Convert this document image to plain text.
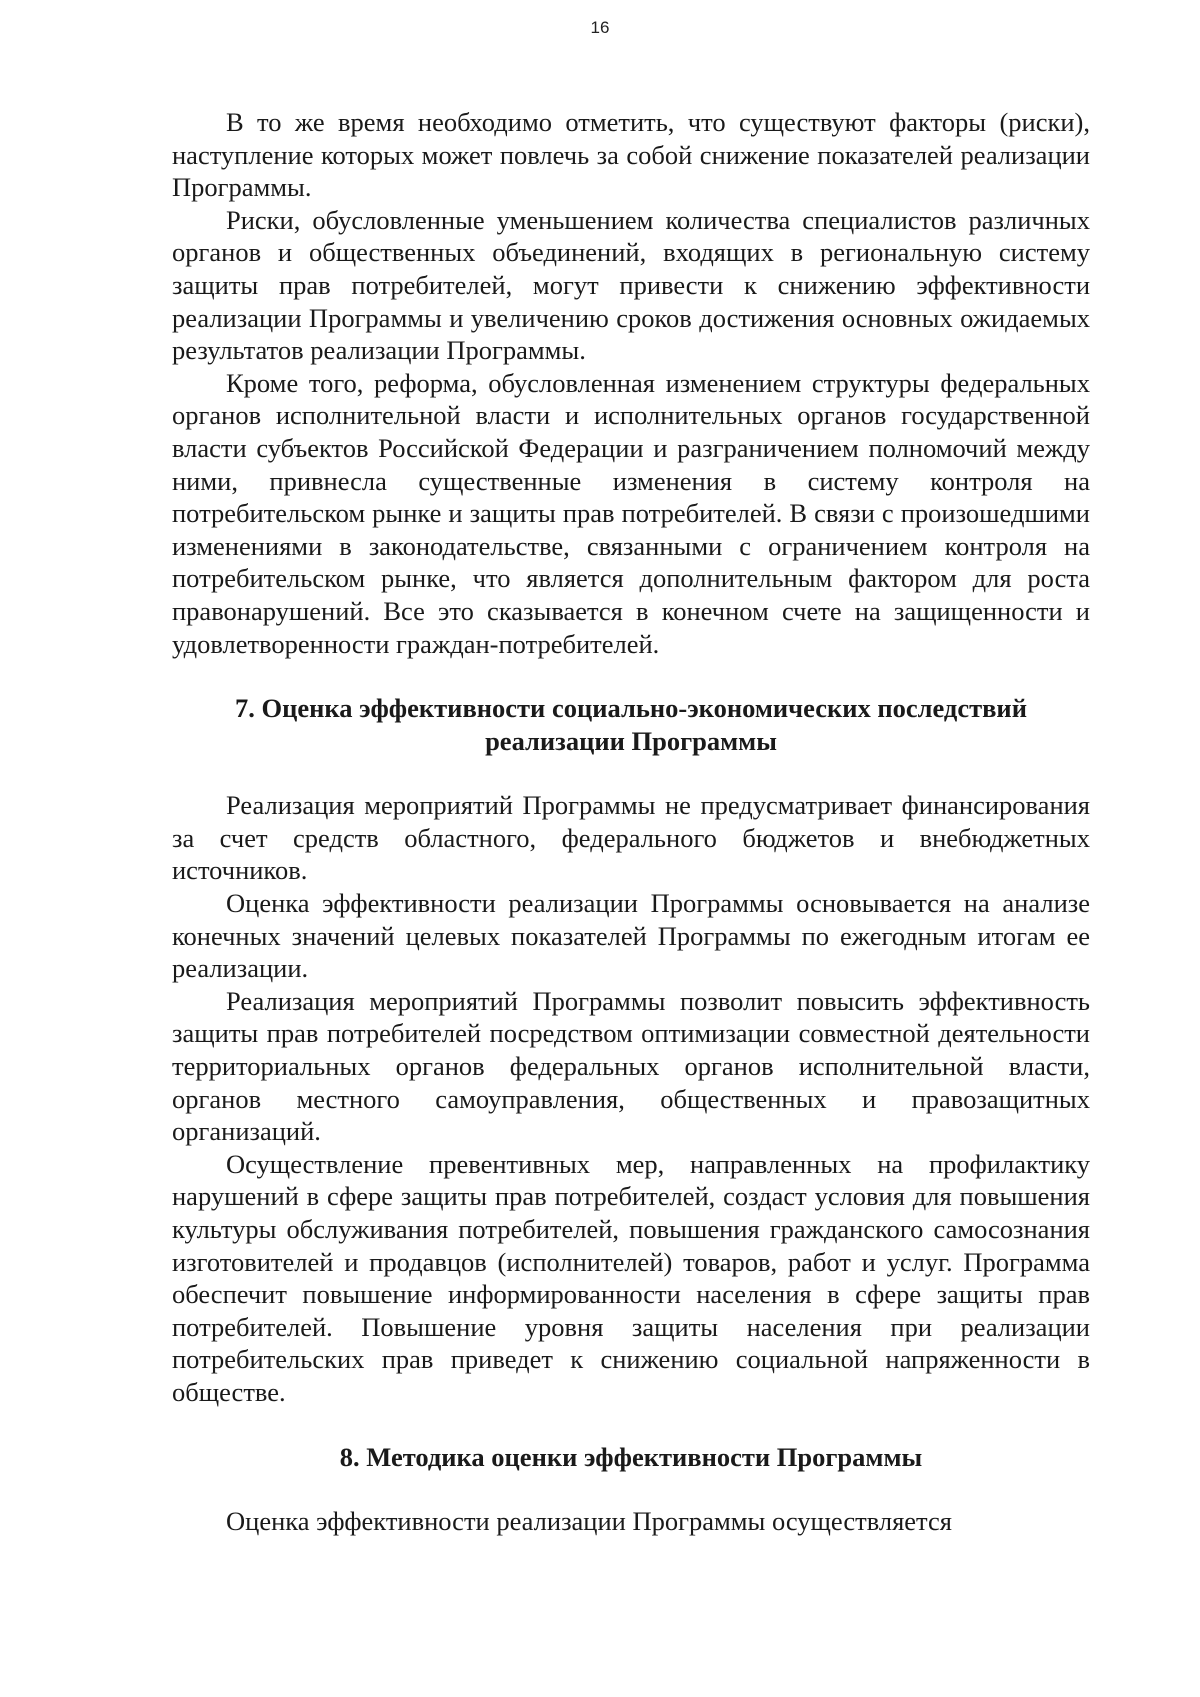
16

В то же время необходимо отметить, что существуют факторы (риски), наступление которых может повлечь за собой снижение показателей реализации Программы.

Риски, обусловленные уменьшением количества специалистов различных органов и общественных объединений, входящих в региональную систему защиты прав потребителей, могут привести к снижению эффективности реализации Программы и увеличению сроков достижения основных ожидаемых результатов реализации Программы.

Кроме того, реформа, обусловленная изменением структуры федеральных органов исполнительной власти и исполнительных органов государственной власти субъектов Российской Федерации и разграничением полномочий между ними, привнесла существенные изменения в систему контроля на потребительском рынке и защиты прав потребителей. В связи с произошедшими изменениями в законодательстве, связанными с ограничением контроля на потребительском рынке, что является дополнительным фактором для роста правонарушений. Все это сказывается в конечном счете на защищенности и удовлетворенности граждан-потребителей.

7. Оценка эффективности социально-экономических последствий реализации Программы

Реализация мероприятий Программы не предусматривает финансирования за счет средств областного, федерального бюджетов и внебюджетных источников.

Оценка эффективности реализации Программы основывается на анализе конечных значений целевых показателей Программы по ежегодным итогам ее реализации.

Реализация мероприятий Программы позволит повысить эффективность защиты прав потребителей посредством оптимизации совместной деятельности территориальных органов федеральных органов исполнительной власти, органов местного самоуправления, общественных и правозащитных организаций.

Осуществление превентивных мер, направленных на профилактику нарушений в сфере защиты прав потребителей, создаст условия для повышения культуры обслуживания потребителей, повышения гражданского самосознания изготовителей и продавцов (исполнителей) товаров, работ и услуг. Программа обеспечит повышение информированности населения в сфере защиты прав потребителей. Повышение уровня защиты населения при реализации потребительских прав приведет к снижению социальной напряженности в обществе.

8. Методика оценки эффективности Программы

Оценка эффективности реализации Программы осуществляется
